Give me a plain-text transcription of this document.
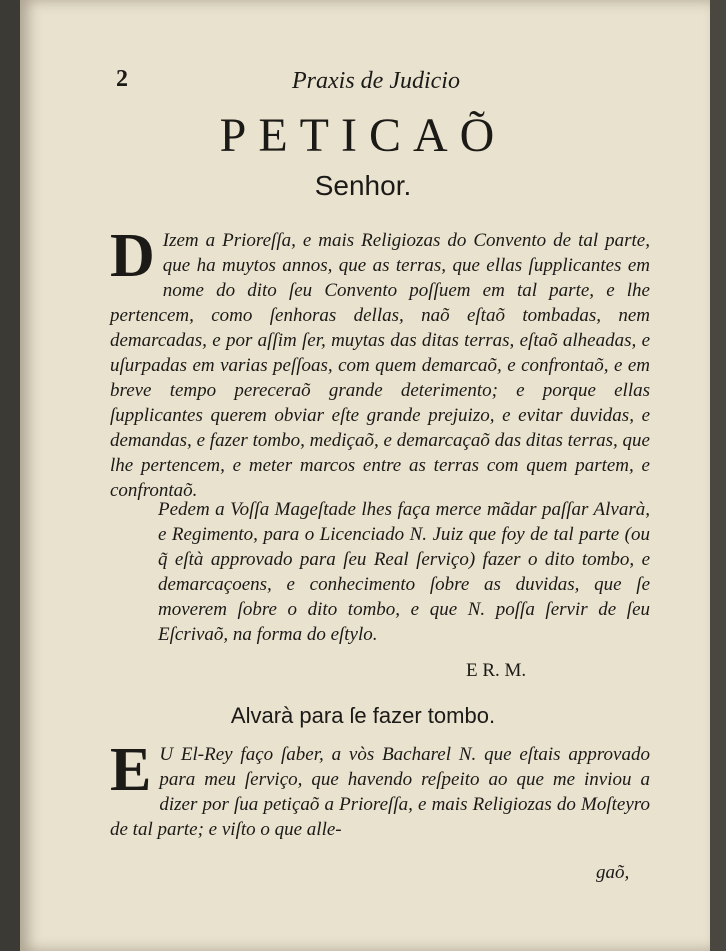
2	Praxis de Judicio
PETICAÕ
Senhor.
D Izem a Prioreſſa, e mais Religiozas do Convento de tal parte, que ha muytos annos, que as terras, que ellas ſupplicantes em nome do dito ſeu Convento poſſuem em tal parte, e lhe pertencem, como ſenhoras dellas, naõ eſtaõ tombadas, nem demarcadas, e por aſſim ſer, muytas das ditas terras, eſtaõ alheadas, e uſurpadas em varias peſſoas, com quem demarcaõ, e confrontaõ, e em breve tempo pereceraõ grande deterimento; e porque ellas ſupplicantes querem obviar eſte grande prejuizo, e evitar duvidas, e demandas, e fazer tombo, mediçaõ, e demarcaçaõ das ditas terras, que lhe pertencem, e meter marcos entre as terras com quem partem, e confrontaõ.
Pedem a Voſſa Mageſtade lhes faça merce mãdar paſſar Alvarà, e Regimento, para o Licenciado N. Juiz que foy de tal parte (ou q̃ eſtà approvado para ſeu Real ſerviço) fazer o dito tombo, e demarcaçoens, e conhecimento ſobre as duvidas, que ſe moverem ſobre o dito tombo, e que N. poſſa ſervir de ſeu Eſcrivaõ, na forma do eſtylo.
E R. M.
Alvarà para ſe fazer tombo.
E U El-Rey faço ſaber, a vòs Bacharel N. que eſtais approvado para meu ſerviço, que havendo reſpeito ao que me inviou a dizer por ſua petiçaõ a Prioreſſa, e mais Religiozas do Moſteyro de tal parte; e viſto o que alle-
gaõ,
